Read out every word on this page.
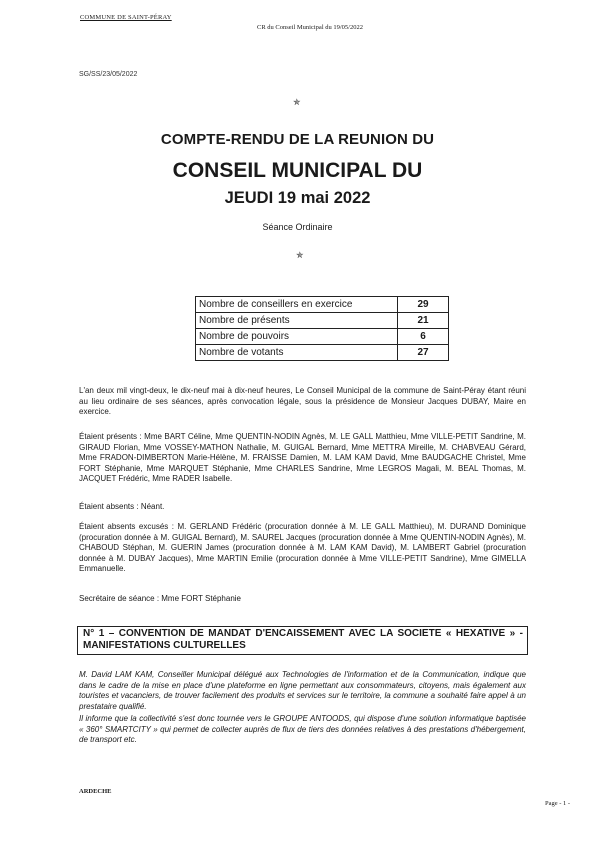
COMMUNE DE SAINT-PÉRAY
CR du Conseil Municipal du 19/05/2022
SG/SS/23/05/2022
✯
COMPTE-RENDU DE LA REUNION DU
CONSEIL MUNICIPAL DU
JEUDI 19 mai 2022
Séance Ordinaire
✯
Nombre de conseillers en exercice	29
Nombre de présents	21
Nombre de pouvoirs	6
Nombre de votants	27
L'an deux mil vingt-deux, le dix-neuf mai à dix-neuf heures, Le Conseil Municipal de la commune de Saint-Péray étant réuni au lieu ordinaire de ses séances, après convocation légale, sous la présidence de Monsieur Jacques DUBAY, Maire en exercice.
Étaient présents : Mme BART Céline, Mme QUENTIN-NODIN Agnès, M. LE GALL Matthieu, Mme VILLE-PETIT Sandrine, M. GIRAUD Florian, Mme VOSSEY-MATHON Nathalie, M. GUIGAL Bernard, Mme METTRA Mireille, M. CHABVEAU Gérard, Mme FRADON-DIMBERTON Marie-Hélène, M. FRAISSE Damien, M. LAM KAM David, Mme BAUDGACHE Christel, Mme FORT Stéphanie, Mme MARQUET Stéphanie, Mme CHARLES Sandrine, Mme LEGROS Magali, M. BEAL Thomas, M. JACQUET Frédéric, Mme RADER Isabelle.
Étaient absents : Néant.
Étaient absents excusés : M. GERLAND Frédéric (procuration donnée à M. LE GALL Matthieu), M. DURAND Dominique (procuration donnée à M. GUIGAL Bernard), M. SAUREL Jacques (procuration donnée à Mme QUENTIN-NODIN Agnès), M. CHABOUD Stéphan, M. GUERIN James (procuration donnée à M. LAM KAM David), M. LAMBERT Gabriel (procuration donnée à M. DUBAY Jacques), Mme MARTIN Emilie (procuration donnée à Mme VILLE-PETIT Sandrine), Mme GIMELLA Emmanuelle.
Secrétaire de séance : Mme FORT Stéphanie
N° 1 – CONVENTION DE MANDAT D'ENCAISSEMENT AVEC LA SOCIETE « HEXATIVE » - MANIFESTATIONS CULTURELLES
M. David LAM KAM, Conseiller Municipal délégué aux Technologies de l'information et de la Communication, indique que dans le cadre de la mise en place d'une plateforme en ligne permettant aux consommateurs, citoyens, mais également aux touristes et vacanciers, de trouver facilement des produits et services sur le territoire, la commune a souhaité faire appel à un prestataire qualifié.
Il informe que la collectivité s'est donc tournée vers le GROUPE ANTOODS, qui dispose d'une solution informatique baptisée « 360° SMARTCITY » qui permet de collecter auprès de flux de tiers des données relatives à des prestations d'hébergement, de transport etc.
ARDECHE
Page - 1 -
